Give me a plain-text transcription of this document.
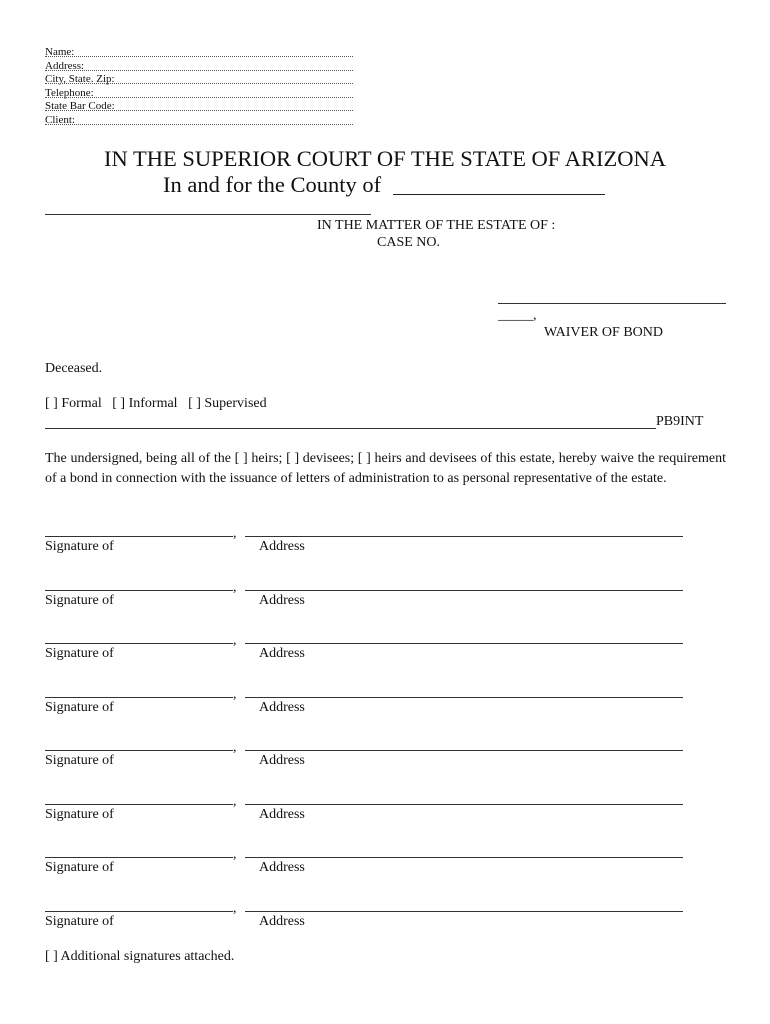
Name:
Address:
City, State. Zip:
Telephone:
State Bar Code:
Client:
IN THE SUPERIOR COURT OF THE STATE OF ARIZONA
In and for the County of
IN THE MATTER OF THE ESTATE OF :
CASE NO.
_____,
WAIVER OF BOND
Deceased.
[ ] Formal   [ ] Informal   [ ] Supervised
PB9INT
The undersigned, being all of the [ ] heirs; [ ] devisees; [ ] heirs and devisees of this estate, hereby waive the requirement of a bond in connection with the issuance of letters of administration to as personal representative of the estate.
,
Signature of	Address
,
Signature of	Address
,
Signature of	Address
,
Signature of	Address
,
Signature of	Address
,
Signature of	Address
,
Signature of	Address
,
Signature of	Address
[ ] Additional signatures attached.
